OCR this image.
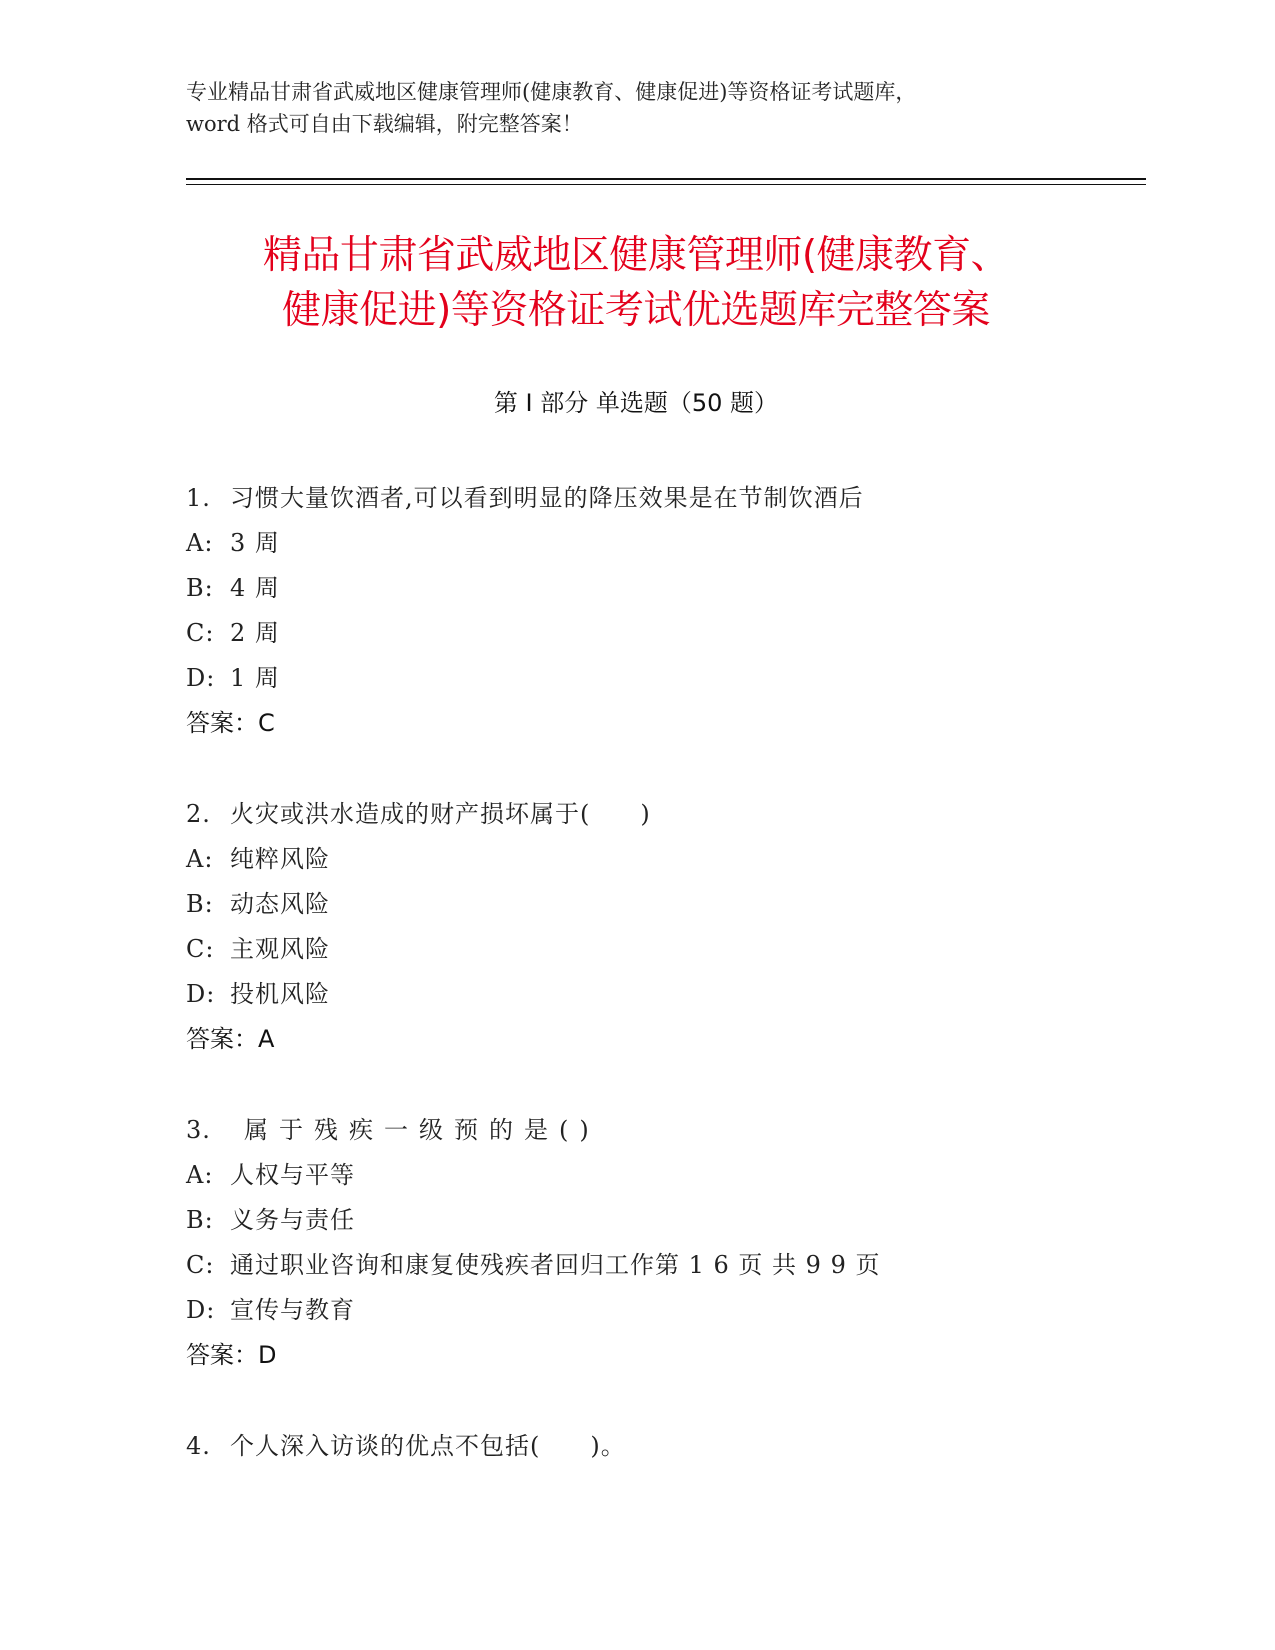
专业精品甘肃省武威地区健康管理师(健康教育、健康促进)等资格证考试题库，
word 格式可自由下载编辑，附完整答案！
精品甘肃省武威地区健康管理师(健康教育、
健康促进)等资格证考试优选题库完整答案
第 I 部分 单选题（50 题）
1. 习惯大量饮酒者,可以看到明显的降压效果是在节制饮酒后
A: 3 周
B: 4 周
C: 2 周
D: 1 周
答案：C
2. 火灾或洪水造成的财产损坏属于(　　)
A: 纯粹风险
B: 动态风险
C: 主观风险
D: 投机风险
答案：A
3.	属于残疾一级预的是()
A: 人权与平等
B: 义务与责任
C: 通过职业咨询和康复使残疾者回归工作第 1 6 页 共 9 9 页
D: 宣传与教育
答案：D
4. 个人深入访谈的优点不包括(　　)。
